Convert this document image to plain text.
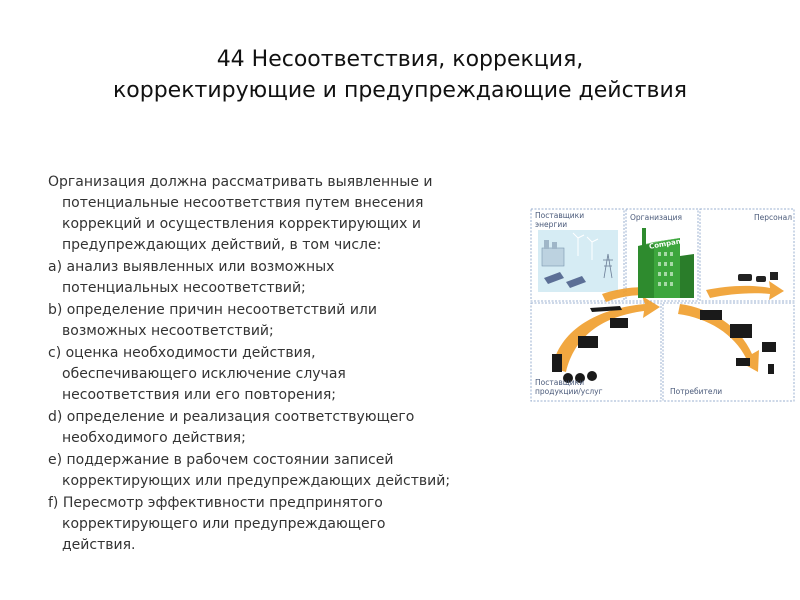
44 Несоответствия, коррекция,
корректирующие и предупреждающие действия
Организация должна рассматривать выявленные и
потенциальные несоответствия путем внесения
коррекций и осуществления корректирующих и
предупреждающих действий, в том числе:
а) анализ выявленных или возможных
потенциальных несоответствий;
b) определение причин несоответствий или
возможных несоответствий;
с) оценка необходимости действия,
обеспечивающего исключение случая
несоответствия или его повторения;
d) определение и реализация соответствующего
необходимого действия;
е) поддержание в рабочем состоянии записей
корректирующих или предупреждающих действий;
f) Пересмотр эффективности предпринятого
корректирующего или предупреждающего
действия.
Company
Поставщики
энергии
Организация	Персонал
Поставщики
продукции/услуг	Потребители
